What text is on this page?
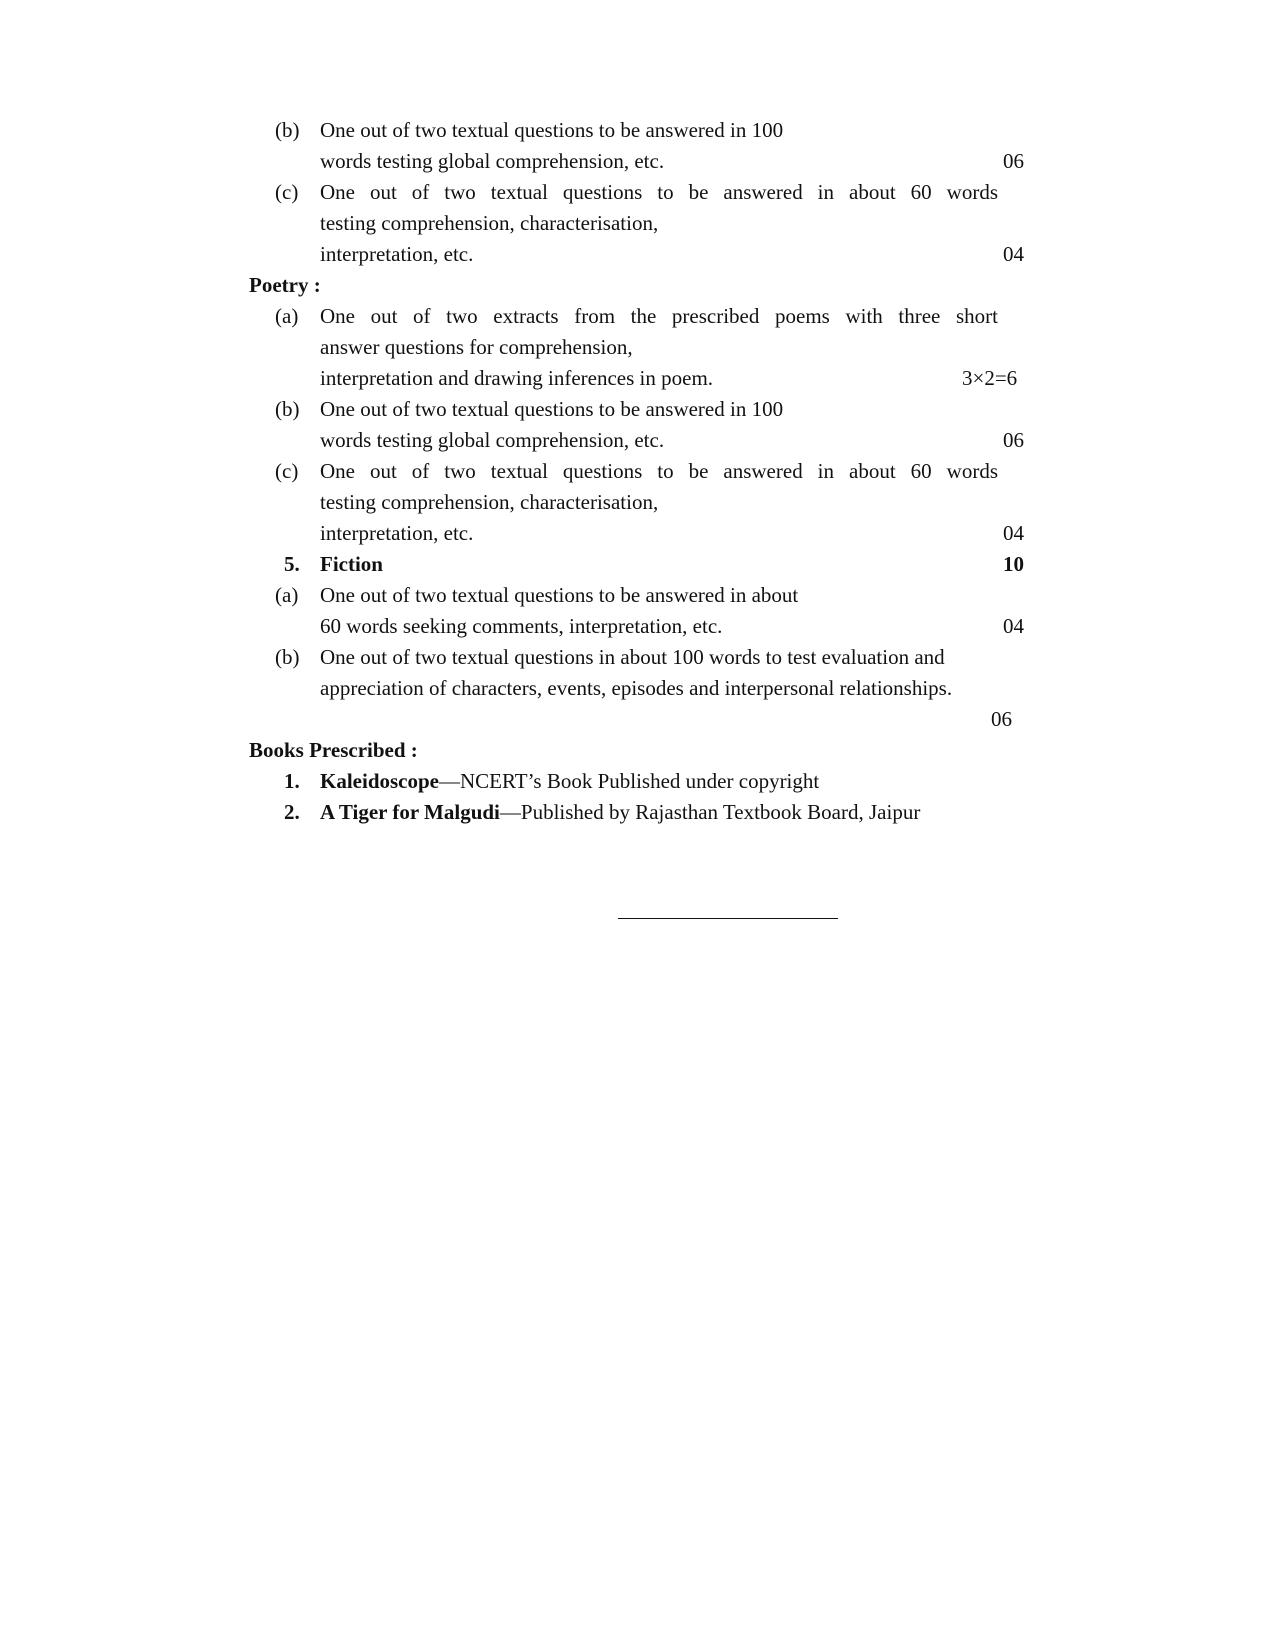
(b) One out of two textual questions to be answered in 100
words testing global comprehension, etc.	06
(c) One out of two textual questions to be answered in about 60 words
testing comprehension, characterisation,
interpretation, etc.	04
Poetry :
(a) One out of two extracts from the prescribed poems with three short
answer questions for comprehension,
interpretation and drawing inferences in poem.	3×2=6
(b) One out of two textual questions to be answered in 100
words testing global comprehension, etc.	06
(c) One out of two textual questions to be answered in about 60 words
testing comprehension, characterisation,
interpretation, etc.	04
5. Fiction	10
(a) One out of two textual questions to be answered in about
60 words seeking comments, interpretation, etc.	04
(b) One out of two textual questions in about 100 words to test evaluation and
appreciation of characters, events, episodes and interpersonal relationships.
06
Books Prescribed :
1. Kaleidoscope—NCERT’s Book Published under copyright
2. A Tiger for Malgudi—Published by Rajasthan Textbook Board, Jaipur
